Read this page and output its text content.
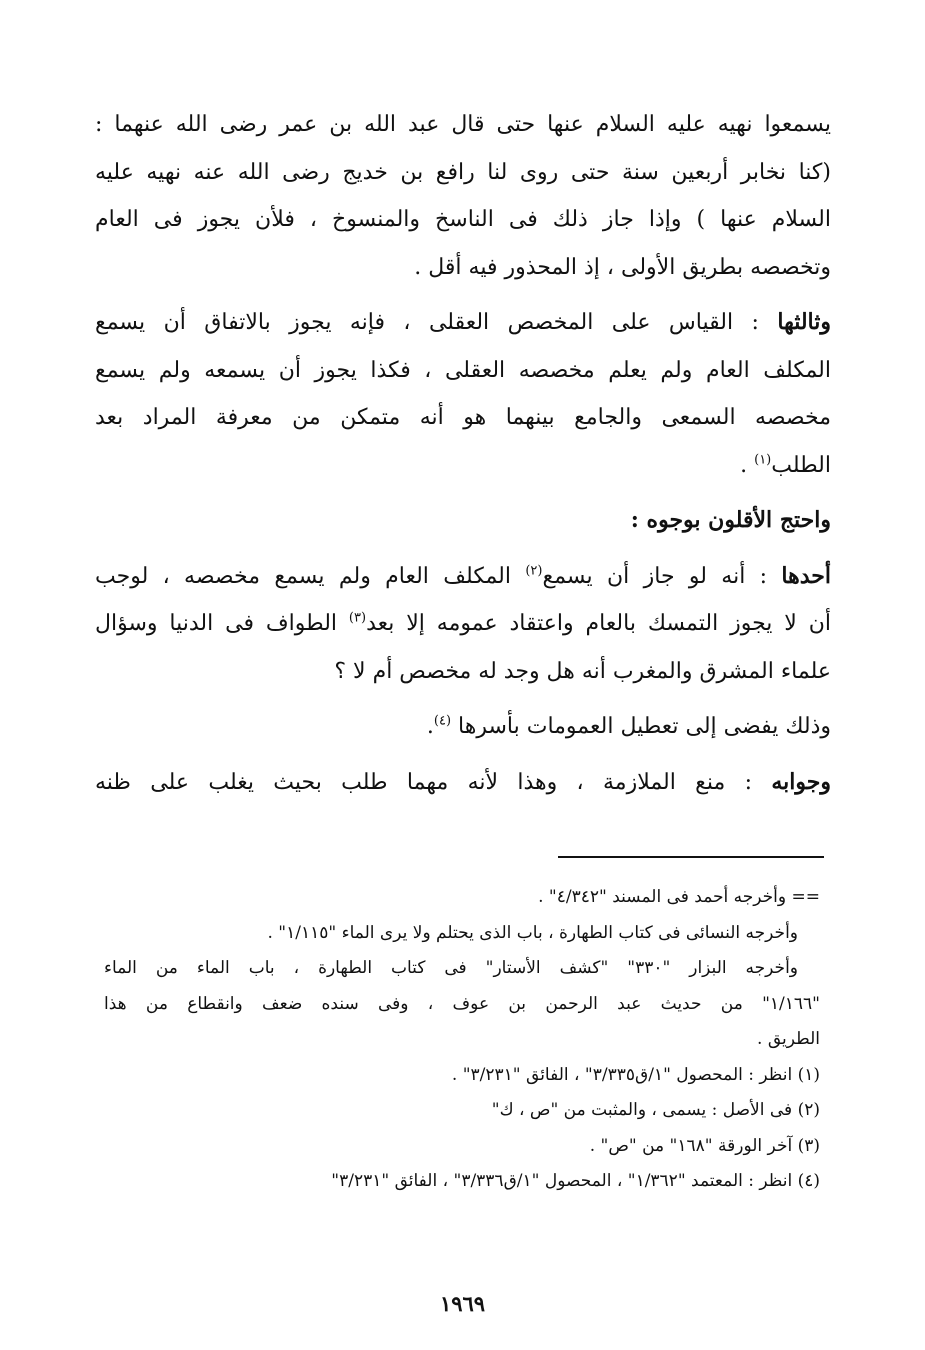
يسمعوا نهيه عليه السلام عنها حتى قال عبد الله بن عمر رضى الله عنهما :
(كنا نخابر أربعين سنة حتى روى لنا رافع بن خديج رضى الله عنه نهيه عليه
السلام عنها ) وإذا جاز ذلك فى الناسخ والمنسوخ ، فلأن يجوز فى العام
وتخصصه بطريق الأولى ، إذ المحذور فيه أقل .
وثالثها : القياس على المخصص العقلى ، فإنه يجوز بالاتفاق أن يسمع
المكلف العام ولم يعلم مخصصه العقلى ، فكذا يجوز أن يسمعه ولم يسمع
مخصصه السمعى والجامع بينهما هو أنه متمكن من معرفة المراد بعد
الطلب$^{(١)}$ .
واحتج الأقلون بوجوه :
أحدها : أنه لو جاز أن يسمع$^{(٢)}$ المكلف العام ولم يسمع مخصصه ، لوجب
أن لا يجوز التمسك بالعام واعتقاد عمومه إلا بعد$^{(٣)}$ الطواف فى الدنيا وسؤال
علماء المشرق والمغرب أنه هل وجد له مخصص أم لا ؟
وذلك يفضى إلى تعطيل العمومات بأسرها $^{(٤)}$.
وجوابه : منع الملازمة ، وهذا لأنه مهما طلب بحيث يغلب على ظنه
== وأخرجه أحمد فى المسند "٤/٣٤٢" .
وأخرجه النسائى فى كتاب الطهارة ، باب الذى يحتلم ولا يرى الماء "١/١١٥" .
وأخرجه البزار "٣٣٠" "كشف الأستار" فى كتاب الطهارة ، باب الماء من الماء
"١/١٦٦" من حديث عبد الرحمن بن عوف ، وفى سنده ضعف وانقطاع من هذا
الطريق .
(١) انظر : المحصول "١/ق٣/٣٣٥" ، الفائق "٣/٢٣١" .
(٢) فى الأصل : يسمى ، والمثبت من "ص ، ك"
(٣) آخر الورقة "١٦٨" من "ص" .
(٤) انظر : المعتمد "١/٣٦٢" ، المحصول "١/ق٣/٣٣٦" ، الفائق "٣/٢٣١"
١٩٦٩
